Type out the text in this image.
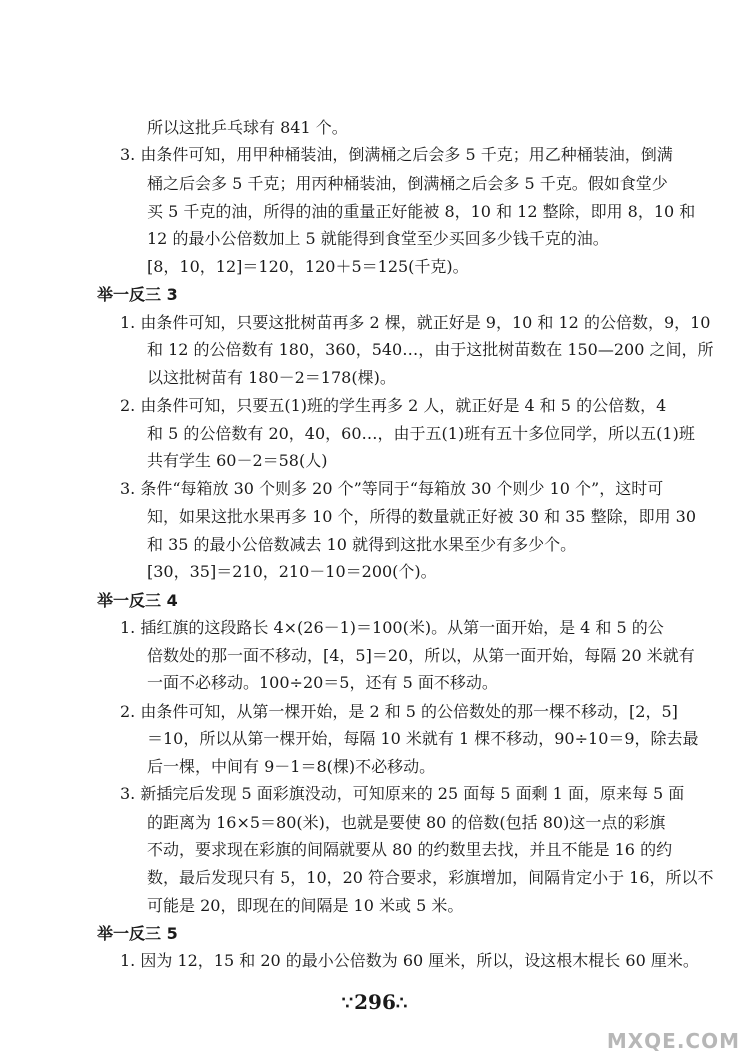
所以这批乒乓球有 841 个。
3. 由条件可知，用甲种桶装油，倒满桶之后会多 5 千克；用乙种桶装油，倒满
桶之后会多 5 千克；用丙种桶装油，倒满桶之后会多 5 千克。假如食堂少
买 5 千克的油，所得的油的重量正好能被 8，10 和 12 整除，即用 8，10 和
12 的最小公倍数加上 5 就能得到食堂至少买回多少钱千克的油。
[8，10，12]＝120，120＋5＝125(千克)。
举一反三 3
1. 由条件可知，只要这批树苗再多 2 棵，就正好是 9，10 和 12 的公倍数，9，10
和 12 的公倍数有 180，360，540…，由于这批树苗数在 150—200 之间，所
以这批树苗有 180－2＝178(棵)。
2. 由条件可知，只要五(1)班的学生再多 2 人，就正好是 4 和 5 的公倍数，4
和 5 的公倍数有 20，40，60…，由于五(1)班有五十多位同学，所以五(1)班
共有学生 60－2＝58(人)
3. 条件“每箱放 30 个则多 20 个”等同于“每箱放 30 个则少 10 个”，这时可
知，如果这批水果再多 10 个，所得的数量就正好被 30 和 35 整除，即用 30
和 35 的最小公倍数减去 10 就得到这批水果至少有多少个。
[30，35]＝210，210－10＝200(个)。
举一反三 4
1. 插红旗的这段路长 4×(26－1)＝100(米)。从第一面开始，是 4 和 5 的公
倍数处的那一面不移动，[4，5]＝20，所以，从第一面开始，每隔 20 米就有
一面不必移动。100÷20＝5，还有 5 面不移动。
2. 由条件可知，从第一棵开始，是 2 和 5 的公倍数处的那一棵不移动，[2，5]
＝10，所以从第一棵开始，每隔 10 米就有 1 棵不移动，90÷10＝9，除去最
后一棵，中间有 9－1＝8(棵)不必移动。
3. 新插完后发现 5 面彩旗没动，可知原来的 25 面每 5 面剩 1 面，原来每 5 面
的距离为 16×5＝80(米)，也就是要使 80 的倍数(包括 80)这一点的彩旗
不动，要求现在彩旗的间隔就要从 80 的约数里去找，并且不能是 16 的约
数，最后发现只有 5，10，20 符合要求，彩旗增加，间隔肯定小于 16，所以不
可能是 20，即现在的间隔是 10 米或 5 米。
举一反三 5
1. 因为 12，15 和 20 的最小公倍数为 60 厘米，所以，设这根木棍长 60 厘米。
∵296∴
MXQE.COM
